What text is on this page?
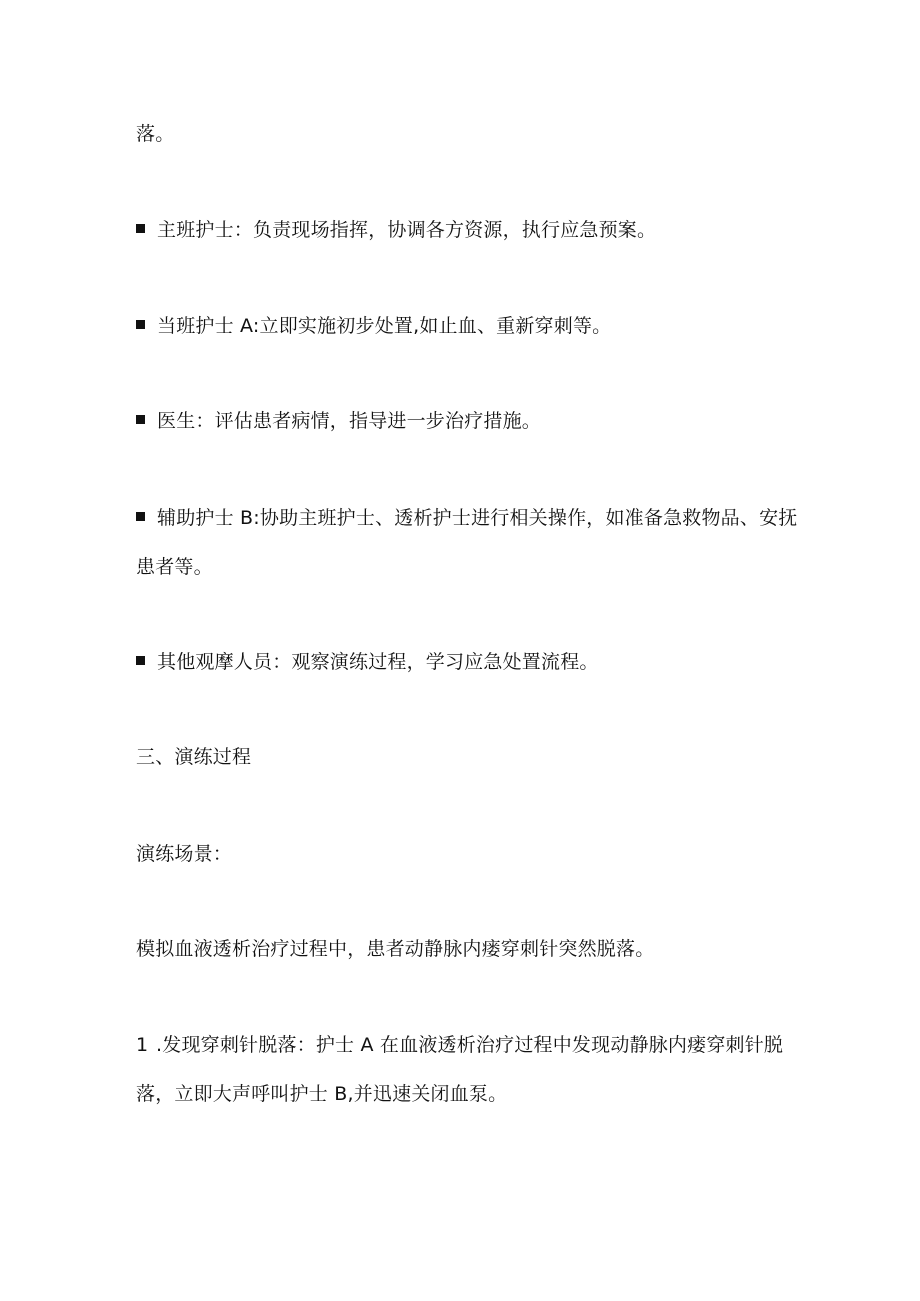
落。
主班护士：负责现场指挥，协调各方资源，执行应急预案。
当班护士 A:立即实施初步处置,如止血、重新穿刺等。
医生：评估患者病情，指导进一步治疗措施。
辅助护士 B:协助主班护士、透析护士进行相关操作，如准备急救物品、安抚
患者等。
其他观摩人员：观察演练过程，学习应急处置流程。
三、演练过程
演练场景：
模拟血液透析治疗过程中，患者动静脉内瘘穿刺针突然脱落。
1 .发现穿刺针脱落：护士 A 在血液透析治疗过程中发现动静脉内瘘穿刺针脱
落，立即大声呼叫护士 B,并迅速关闭血泵。
